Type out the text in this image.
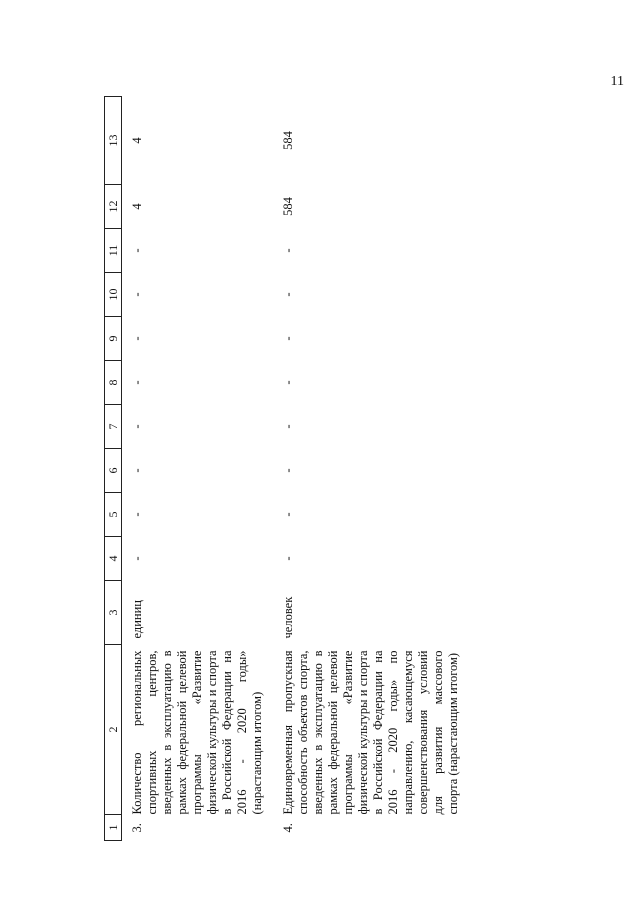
11
1	2	3	4	5	6	7	8	9	10	11	12	13
3.	Количество региональных спортивных центров, введенных в эксплуатацию в рамках федеральной целевой программы «Развитие физической культуры и спорта в Российской Федерации на 2016 - 2020 годы» (нарастающим итогом)	единиц	-	-	-	-	-	-	-	-	4	4
4.	Единовременная пропускная способность объектов спорта, введенных в эксплуатацию в рамках федеральной целевой программы «Развитие физической культуры и спорта в Российской Федерации на 2016 - 2020 годы» по направлению, касающемуся совершенствования условий для развития массового спорта (нарастающим итогом)	человек	-	-	-	-	-	-	-	-	584	584
